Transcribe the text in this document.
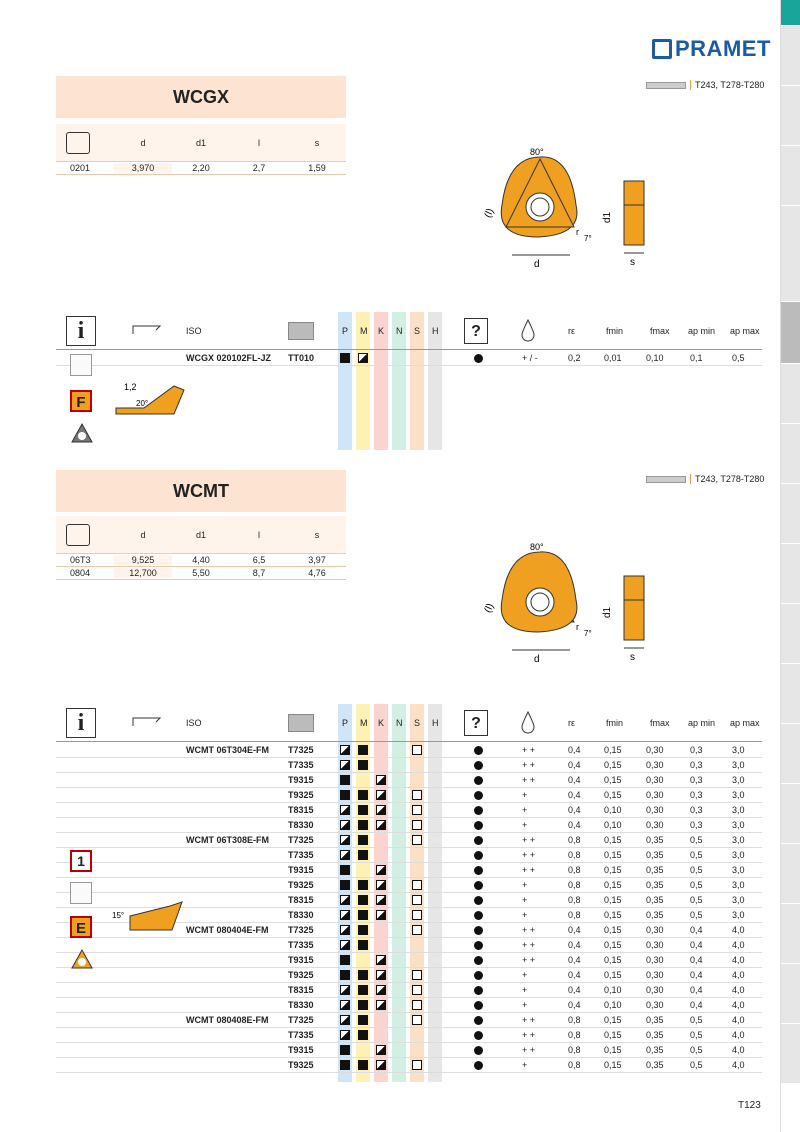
PRAMET
WCGX
d	d1	l	s
0201	3,970	2,20	2,7	1,59
T243, T278-T280
d
80°
(l)
r
7°
d1
s
i	ISO	P M K N S H	?	rε	fmin	fmax ap min ap max
WCGX 020102FL-JZ TT010	+ / -	0,2	0,01	0,10	0,1	0,5
F
1,2
20°
WCMT
d	d1	l	s
06T3	9,525	4,40	6,5	3,97
0804	12,700	5,50	8,7	4,76
T243, T278-T280
d
80°
(l)
r
7°
d1
s
i	ISO	P M K N S H	?	rε	fmin	fmax ap min ap max
WCMT 06T304E-FM T7325	+ +	0,4	0,15	0,30	0,3	3,0
T7335	+ +	0,4	0,15	0,30	0,3	3,0
T9315	+ +	0,4	0,15	0,30	0,3	3,0
T9325	+	0,4	0,15	0,30	0,3	3,0
T8315	+	0,4	0,10	0,30	0,3	3,0
T8330	+	0,4	0,10	0,30	0,3	3,0
WCMT 06T308E-FM T7325	+ +	0,8	0,15	0,35	0,5	3,0
T7335	+ +	0,8	0,15	0,35	0,5	3,0
T9315	+ +	0,8	0,15	0,35	0,5	3,0
T9325	+	0,8	0,15	0,35	0,5	3,0
T8315	+	0,8	0,15	0,35	0,5	3,0
T8330	+	0,8	0,15	0,35	0,5	3,0
WCMT 080404E-FM T7325	+ +	0,4	0,15	0,30	0,4	4,0
T7335	+ +	0,4	0,15	0,30	0,4	4,0
T9315	+ +	0,4	0,15	0,30	0,4	4,0
T9325	+	0,4	0,15	0,30	0,4	4,0
T8315	+	0,4	0,10	0,30	0,4	4,0
T8330	+	0,4	0,10	0,30	0,4	4,0
WCMT 080408E-FM T7325	+ +	0,8	0,15	0,35	0,5	4,0
T7335	+ +	0,8	0,15	0,35	0,5	4,0
T9315	+ +	0,8	0,15	0,35	0,5	4,0
T9325	+	0,8	0,15	0,35	0,5	4,0
1
E
15°
T123
